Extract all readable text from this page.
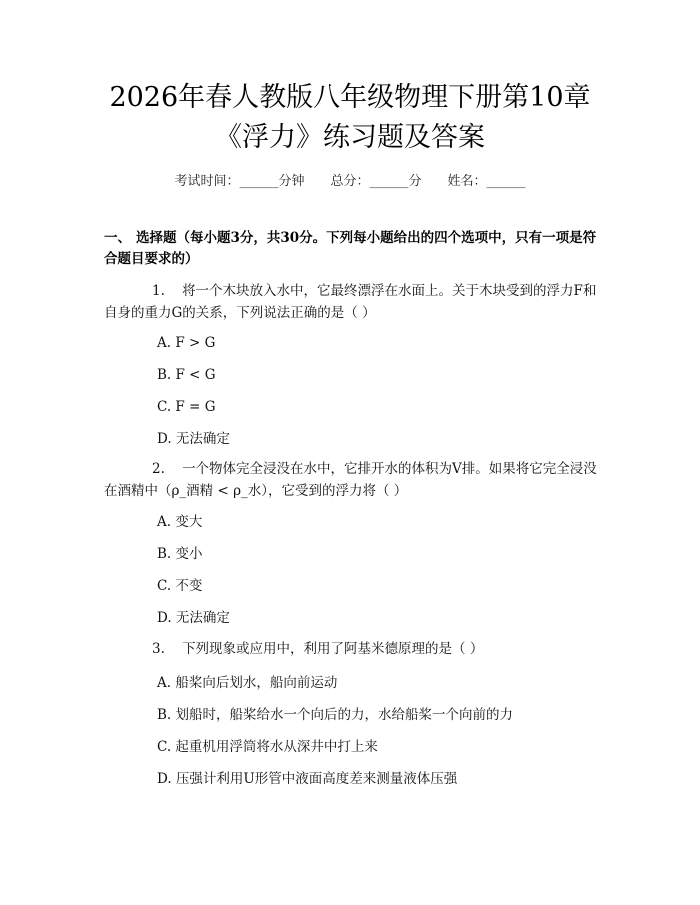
2026年春人教版八年级物理下册第10章
《浮力》练习题及答案
考试时间：______分钟 总分：______分 姓名：______
一、 选择题（每小题3分，共30分。下列每小题给出的四个选项中，只有一项是符合题目要求的）
1. 将一个木块放入水中，它最终漂浮在水面上。关于木块受到的浮力F和自身的重力G的关系，下列说法正确的是（ ）
A. F > G
B. F < G
C. F = G
D. 无法确定
2. 一个物体完全浸没在水中，它排开水的体积为V排。如果将它完全浸没在酒精中（ρ_酒精 < ρ_水），它受到的浮力将（ ）
A. 变大
B. 变小
C. 不变
D. 无法确定
3. 下列现象或应用中，利用了阿基米德原理的是（ ）
A. 船桨向后划水，船向前运动
B. 划船时，船桨给水一个向后的力，水给船桨一个向前的力
C. 起重机用浮筒将水从深井中打上来
D. 压强计利用U形管中液面高度差来测量液体压强
